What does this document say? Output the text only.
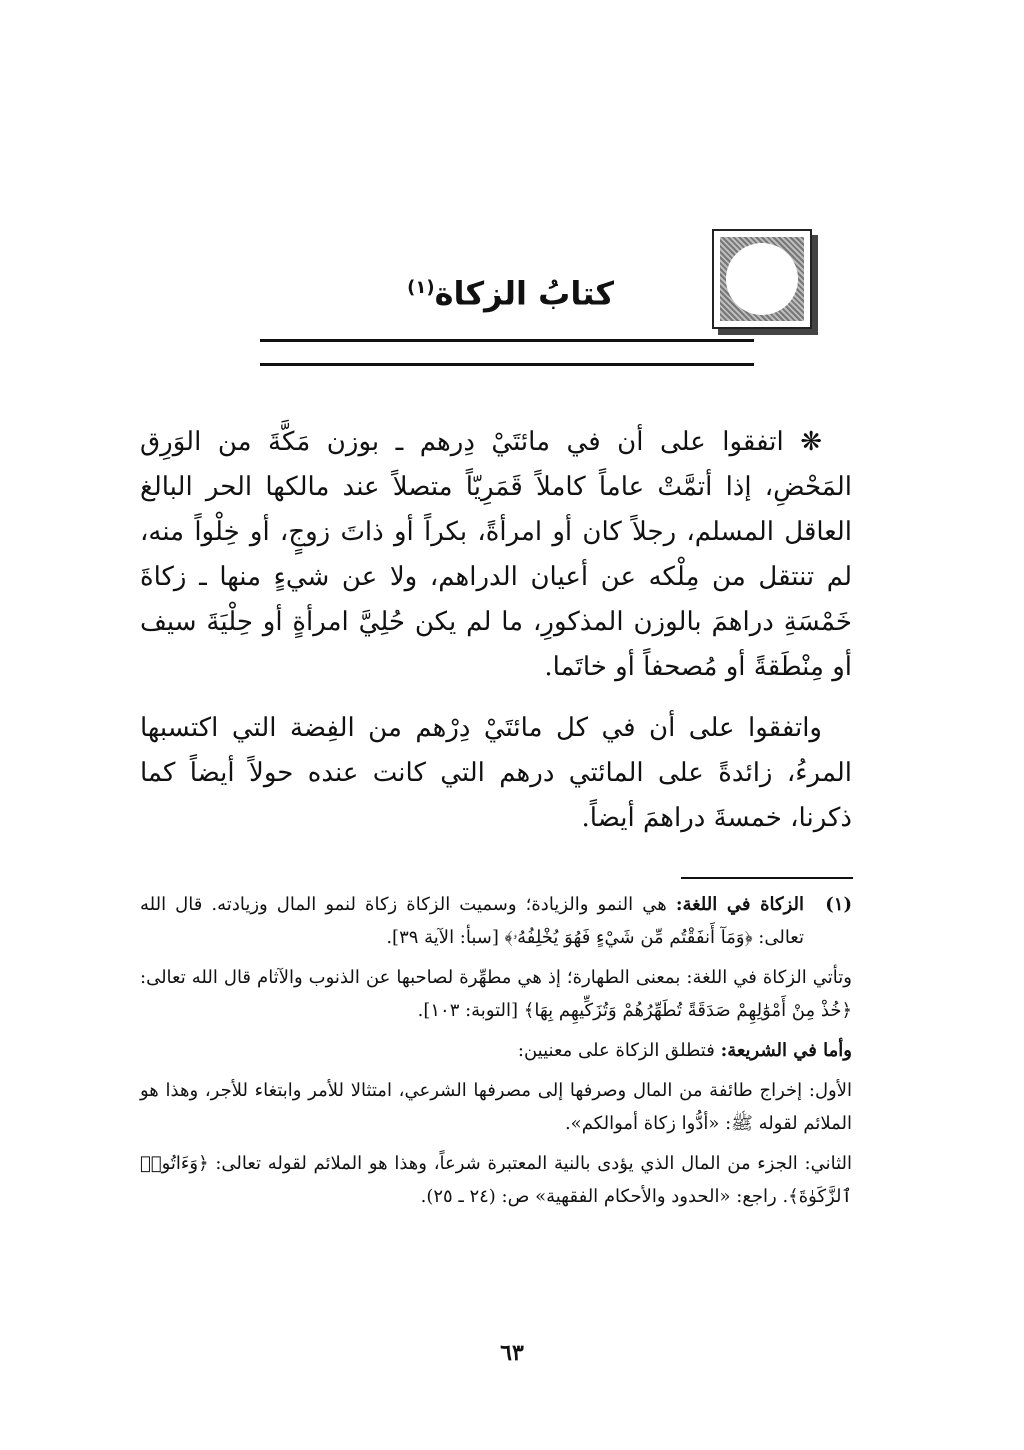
كتابُ الزكاة$^{(١)}$

❋ اتفقوا على أن في مائتَيْ دِرهم ـ بوزن مَكَّةَ من الوَرِق المَحْضِ، إذا أتمَّتْ عاماً كاملاً قَمَرِيّاً متصلاً عند مالكها الحر البالغ العاقل المسلم، رجلاً كان أو امرأةً، بكراً أو ذاتَ زوجٍ، أو خِلْواً منه، لم تنتقل من مِلْكه عن أعيان الدراهم، ولا عن شيءٍ منها ـ زكاةَ خَمْسَةِ دراهمَ بالوزن المذكورِ، ما لم يكن حُلِيَّ امرأةٍ أو حِلْيَةَ سيف أو مِنْطَقةً أو مُصحفاً أو خاتَما.

واتفقوا على أن في كل مائتَيْ دِرْهم من الفِضة التي اكتسبها المرءُ، زائدةً على المائتي درهم التي كانت عنده حولاً أيضاً كما ذكرنا، خمسةَ دراهمَ أيضاً.

(١)
الزكاة في اللغة: هي النمو والزيادة؛ وسميت الزكاة زكاة لنمو المال وزيادته. قال الله تعالى: ﴿وَمَآ أَنفَقْتُم مِّن شَيْءٍ فَهُوَ يُخْلِفُهُۥ﴾ [سبأ: الآية ٣٩].

وتأتي الزكاة في اللغة: بمعنى الطهارة؛ إذ هي مطهِّرة لصاحبها عن الذنوب والآثام قال الله تعالى: ﴿خُذْ مِنْ أَمْوَٰلِهِمْ صَدَقَةً تُطَهِّرُهُمْ وَتُزَكِّيهِم بِهَا﴾ [التوبة: ١٠٣].

وأما في الشريعة: فتطلق الزكاة على معنيين:

الأول: إخراج طائفة من المال وصرفها إلى مصرفها الشرعي، امتثالا للأمر وابتغاء للأجر، وهذا هو الملائم لقوله ﷺ: «أدُّوا زكاة أموالكم».

الثاني: الجزء من المال الذي يؤدى بالنية المعتبرة شرعاً، وهذا هو الملائم لقوله تعالى: ﴿وَءَاتُوا۟ ٱلزَّكَوٰةَ﴾. راجع: «الحدود والأحكام الفقهية» ص: (٢٤ ـ ٢٥).

٦٣
